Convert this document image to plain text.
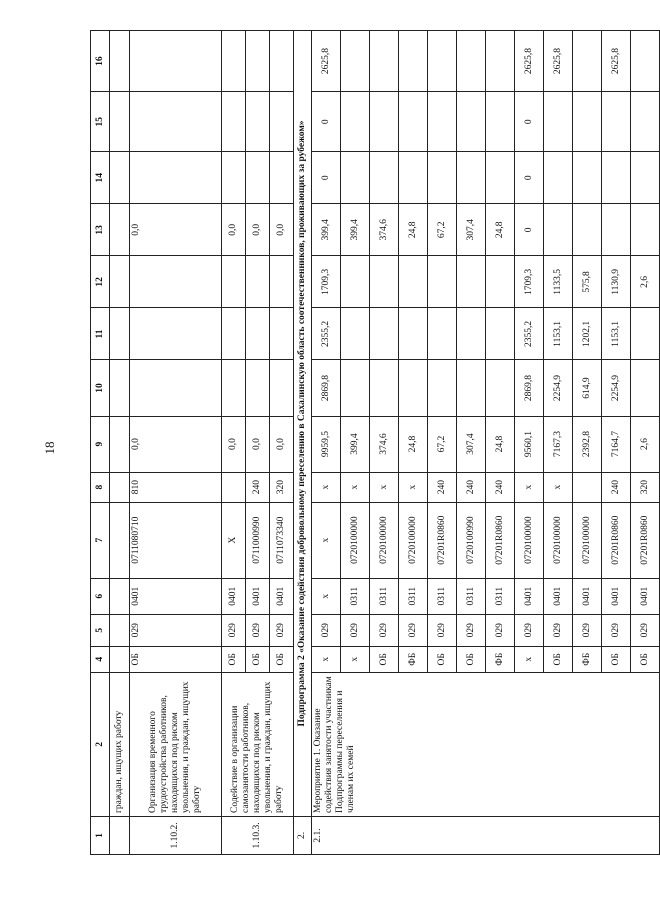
18
1	2	4	5	6	7	8	9	10	11	12	13	14	15	16
	граждан, ищущих работу													
1.10.2.	Организация временного трудоустройства работников, находящихся под риском увольнения, и граждан, ищущих работу	ОБ	029	0401	0711080710	810	0,0				0,0			
1.10.3.	Содействие в организации самозанятости работников, находящихся под риском увольнения, и граждан, ищущих работу	ОБ	029	0401	Х		0,0				0,0			
		ОБ	029	0401	0711000990	240	0,0				0,0			
		ОБ	029	0401	0711073340	320	0,0				0,0			
2.	Подпрограмма 2 «Оказание содействия добровольному переселению в Сахалинскую область соотечественников, проживающих за рубежом»													
2.1.	Мероприятие 1. Оказание содействия занятости участникам Подпрограммы переселения и членам их семей	х	029	х	х	х	9959,5	2869,8	2355,2	1709,3	399,4	0	0	2625,8
		х	029	0311	0720100000	х	399,4				399,4			
		ОБ	029	0311	0720100000	х	374,6				374,6			
		ФБ	029	0311	0720100000	х	24,8				24,8			
		ОБ	029	0311	07201R0860	240	67,2				67,2			
		ОБ	029	0311	0720100990	240	307,4				307,4			
		ФБ	029	0311	07201R0860	240	24,8				24,8			
		х	029	0401	0720100000	х	9560,1	2869,8	2355,2	1709,3	0	0	0	2625,8
		ОБ	029	0401	0720100000	х	7167,3	2254,9	1153,1	1133,5				2625,8
		ФБ	029	0401	0720100000		2392,8	614,9	1202,1	575,8				
		ОБ	029	0401	07201R0860	240	7164,7	2254,9	1153,1	1130,9				2625,8
		ОБ	029	0401	07201R0860	320	2,6			2,6				
